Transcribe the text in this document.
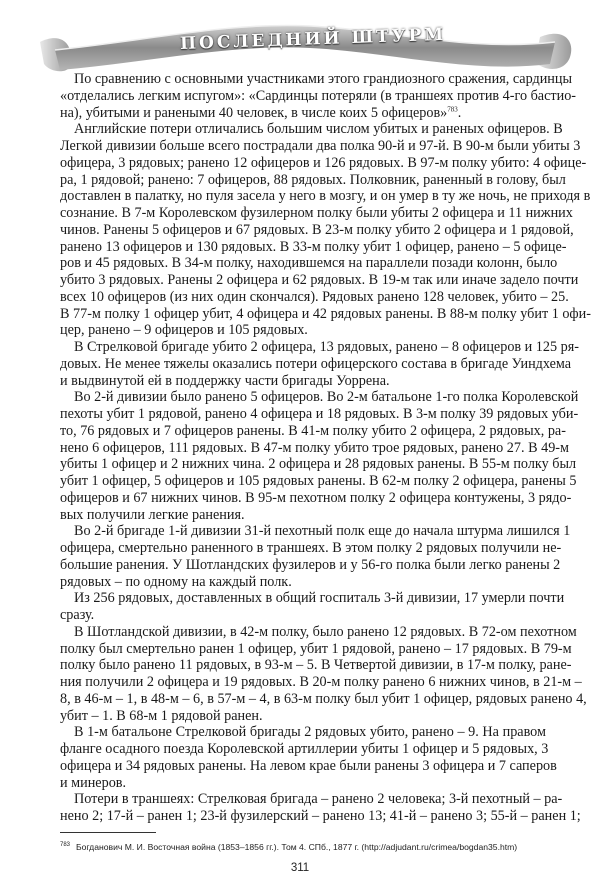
ПОСЛЕДНИЙ ШТУРМ
По сравнению с основными участниками этого грандиозного сражения, сардинцы
«отделались легким испугом»: «Сардинцы потеряли (в траншеях против 4-го бастио-
на), убитыми и ранеными 40 человек, в числе коих 5 офицеров»$^{783}$.
Английские потери отличались большим числом убитых и раненых офицеров. В
Легкой дивизии больше всего пострадали два полка 90-й и 97-й. В 90-м были убиты 3
офицера, 3 рядовых; ранено 12 офицеров и 126 рядовых. В 97-м полку убито: 4 офице-
ра, 1 рядовой; ранено: 7 офицеров, 88 рядовых. Полковник, раненный в голову, был
доставлен в палатку, но пуля засела у него в мозгу, и он умер в ту же ночь, не приходя в
сознание. В 7-м Королевском фузилерном полку были убиты 2 офицера и 11 нижних
чинов. Ранены 5 офицеров и 67 рядовых. В 23-м полку убито 2 офицера и 1 рядовой,
ранено 13 офицеров и 130 рядовых. В 33-м полку убит 1 офицер, ранено – 5 офице-
ров и 45 рядовых. В 34-м полку, находившемся на параллели позади колонн, было
убито 3 рядовых. Ранены 2 офицера и 62 рядовых. В 19-м так или иначе задело почти
всех 10 офицеров (из них один скончался). Рядовых ранено 128 человек, убито – 25.
В 77-м полку 1 офицер убит, 4 офицера и 42 рядовых ранены. В 88-м полку убит 1 офи-
цер, ранено – 9 офицеров и 105 рядовых.
В Стрелковой бригаде убито 2 офицера, 13 рядовых, ранено – 8 офицеров и 125 ря-
довых. Не менее тяжелы оказались потери офицерского состава в бригаде Уиндхема
и выдвинутой ей в поддержку части бригады Уоррена.
Во 2-й дивизии было ранено 5 офицеров. Во 2-м батальоне 1-го полка Королевской
пехоты убит 1 рядовой, ранено 4 офицера и 18 рядовых. В 3-м полку 39 рядовых уби-
то, 76 рядовых и 7 офицеров ранены. В 41-м полку убито 2 офицера, 2 рядовых, ра-
нено 6 офицеров, 111 рядовых. В 47-м полку убито трое рядовых, ранено 27. В 49-м
убиты 1 офицер и 2 нижних чина. 2 офицера и 28 рядовых ранены. В 55-м полку был
убит 1 офицер, 5 офицеров и 105 рядовых ранены. В 62-м полку 2 офицера, ранены 5
офицеров и 67 нижних чинов. В 95-м пехотном полку 2 офицера контужены, 3 рядо-
вых получили легкие ранения.
Во 2-й бригаде 1-й дивизии 31-й пехотный полк еще до начала штурма лишился 1
офицера, смертельно раненного в траншеях. В этом полку 2 рядовых получили не-
большие ранения. У Шотландских фузилеров и у 56-го полка были легко ранены 2
рядовых – по одному на каждый полк.
Из 256 рядовых, доставленных в общий госпиталь 3-й дивизии, 17 умерли почти
сразу.
В Шотландской дивизии, в 42-м полку, было ранено 12 рядовых. В 72-ом пехотном
полку был смертельно ранен 1 офицер, убит 1 рядовой, ранено – 17 рядовых. В 79-м
полку было ранено 11 рядовых, в 93-м – 5. В Четвертой дивизии, в 17-м полку, ране-
ния получили 2 офицера и 19 рядовых. В 20-м полку ранено 6 нижних чинов, в 21-м –
8, в 46-м – 1, в 48-м – 6, в 57-м – 4, в 63-м полку был убит 1 офицер, рядовых ранено 4,
убит – 1. В 68-м 1 рядовой ранен.
В 1-м батальоне Стрелковой бригады 2 рядовых убито, ранено – 9. На правом
фланге осадного поезда Королевской артиллерии убиты 1 офицер и 5 рядовых, 3
офицера и 34 рядовых ранены. На левом крае были ранены 3 офицера и 7 саперов
и минеров.
Потери в траншеях: Стрелковая бригада – ранено 2 человека; 3-й пехотный – ра-
нено 2; 17-й – ранен 1; 23-й фузилерский – ранено 13; 41-й – ранено 3; 55-й – ранен 1;
$^{783}$ Богданович М. И. Восточная война (1853–1856 гг.). Том 4. СПб., 1877 г. (http://adjudant.ru/crimea/bogdan35.htm)
311
